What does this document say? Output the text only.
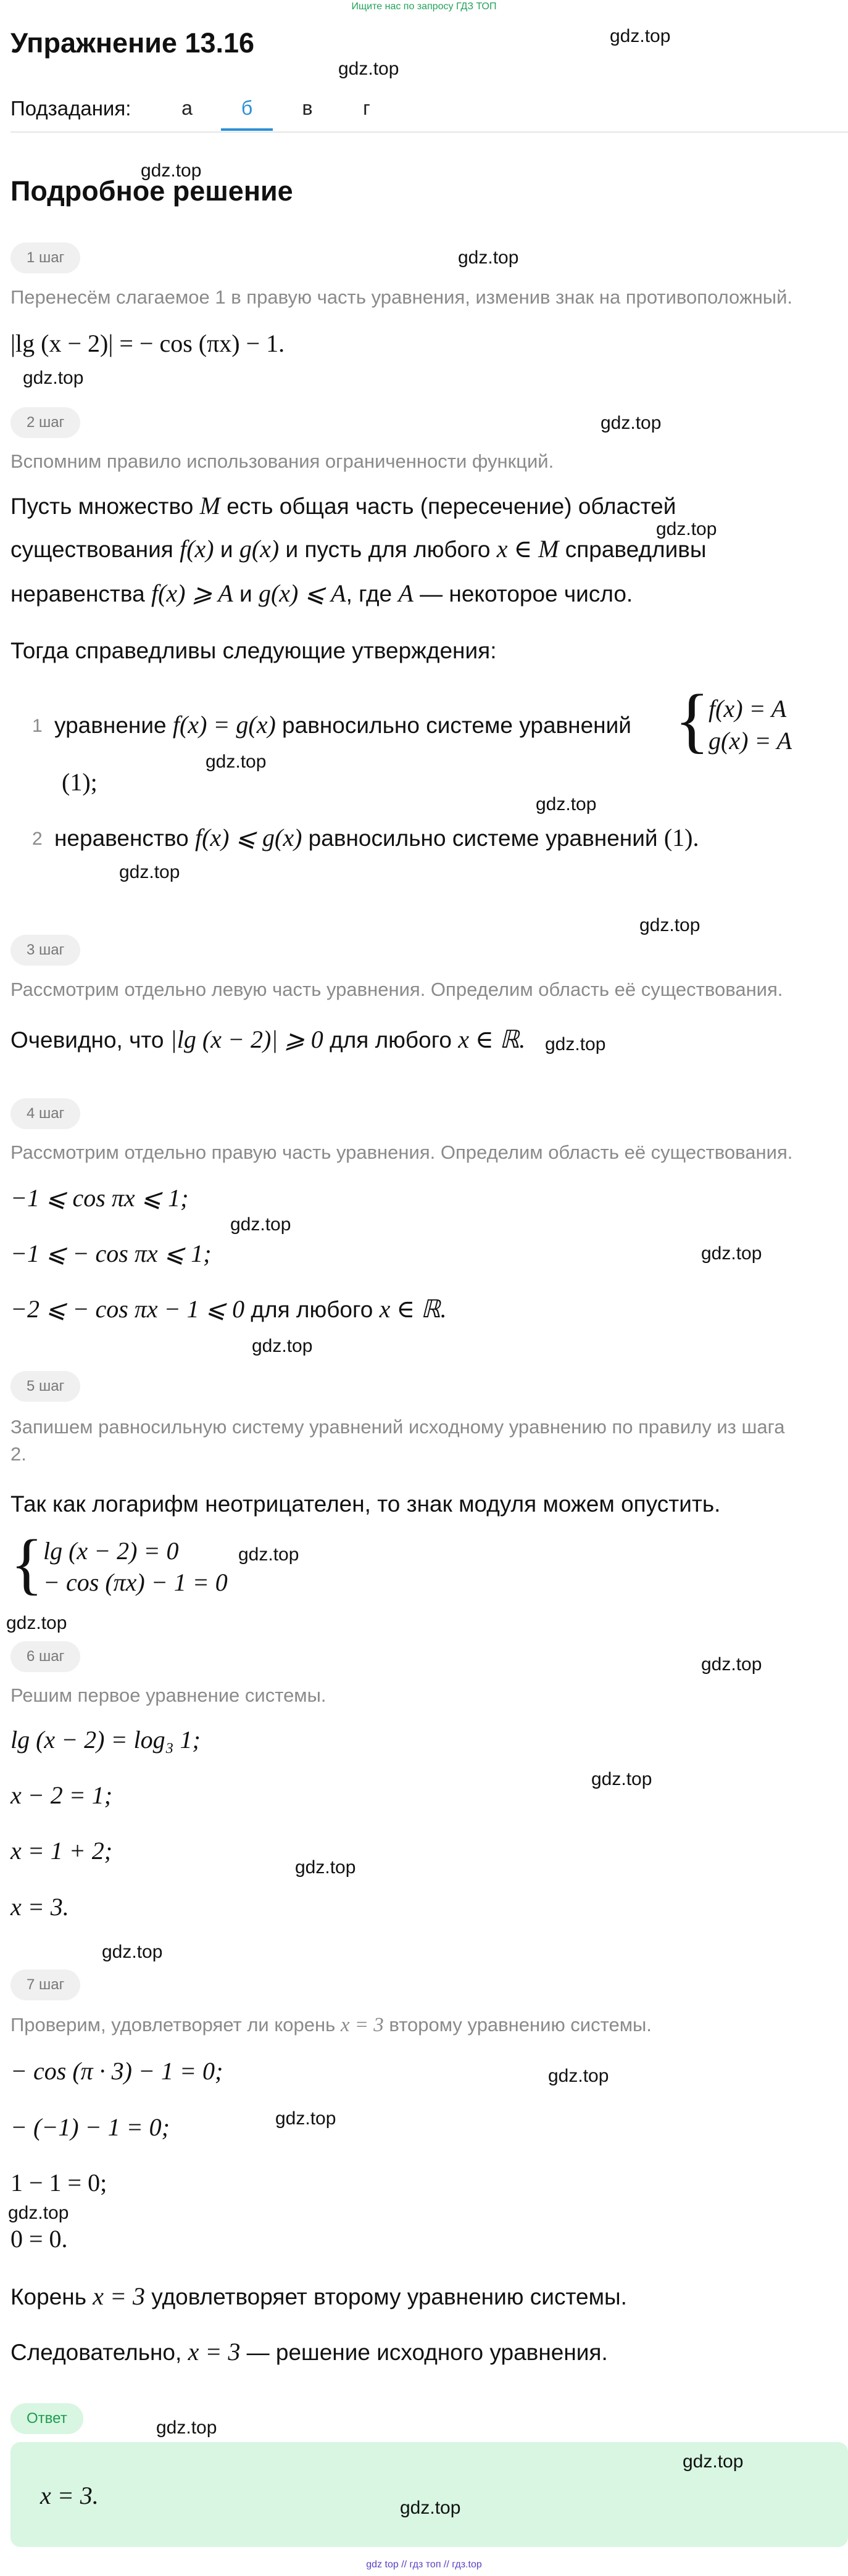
Ищите нас по запросу ГДЗ ТОП
Упражнение 13.16
Подзадания:	а	б	в	г
Подробное решение
1 шаг
Перенесём слагаемое 1 в правую часть уравнения, изменив знак на противоположный.
|lg (x − 2)| = − cos (πx) − 1.
2 шаг
Вспомним правило использования ограниченности функций.
Пусть множество M есть общая часть (пересечение) областей
существования f(x) и g(x) и пусть для любого x ∈ M справедливы
неравенства f(x) ⩾ A и g(x) ⩽ A, где A — некоторое число.
Тогда справедливы следующие утверждения:
1 уравнение f(x) = g(x) равносильно системе уравнений {
f(x) = A
g(x) = A
(1);
2 неравенство f(x) ⩽ g(x) равносильно системе уравнений (1).
3 шаг
Рассмотрим отдельно левую часть уравнения. Определим область её существования.
Очевидно, что |lg (x − 2)| ⩾ 0 для любого x ∈ ℝ.
4 шаг
Рассмотрим отдельно правую часть уравнения. Определим область её существования.
−1 ⩽ cos πx ⩽ 1;
−1 ⩽ − cos πx ⩽ 1;
−2 ⩽ − cos πx − 1 ⩽ 0 для любого x ∈ ℝ.
5 шаг
Запишем равносильную систему уравнений исходному уравнению по правилу из шага
2.
Так как логарифм неотрицателен, то знак модуля можем опустить.
{ lg (x − 2) = 0
− cos (πx) − 1 = 0
6 шаг
Решим первое уравнение системы.
lg (x − 2) = log₃ 1;
x − 2 = 1;
x = 1 + 2;
x = 3.
7 шаг
Проверим, удовлетворяет ли корень x = 3 второму уравнению системы.
− cos (π · 3) − 1 = 0;
− (−1) − 1 = 0;
1 − 1 = 0;
0 = 0.
Корень x = 3 удовлетворяет второму уравнению системы.
Следовательно, x = 3 — решение исходного уравнения.
Ответ
x = 3.
gdz.top
gdz.top
gdz.top
gdz.top
gdz.top
gdz.top
gdz.top
gdz.top
gdz.top
gdz.top
gdz.top
gdz.top
gdz.top
gdz.top
gdz.top
gdz.top
gdz.top
gdz.top
gdz.top
gdz.top
gdz.top
gdz.top
gdz.top
gdz.top
gdz.top
gdz.top
gdz.top
gdz top // гдз топ // гдз.top
